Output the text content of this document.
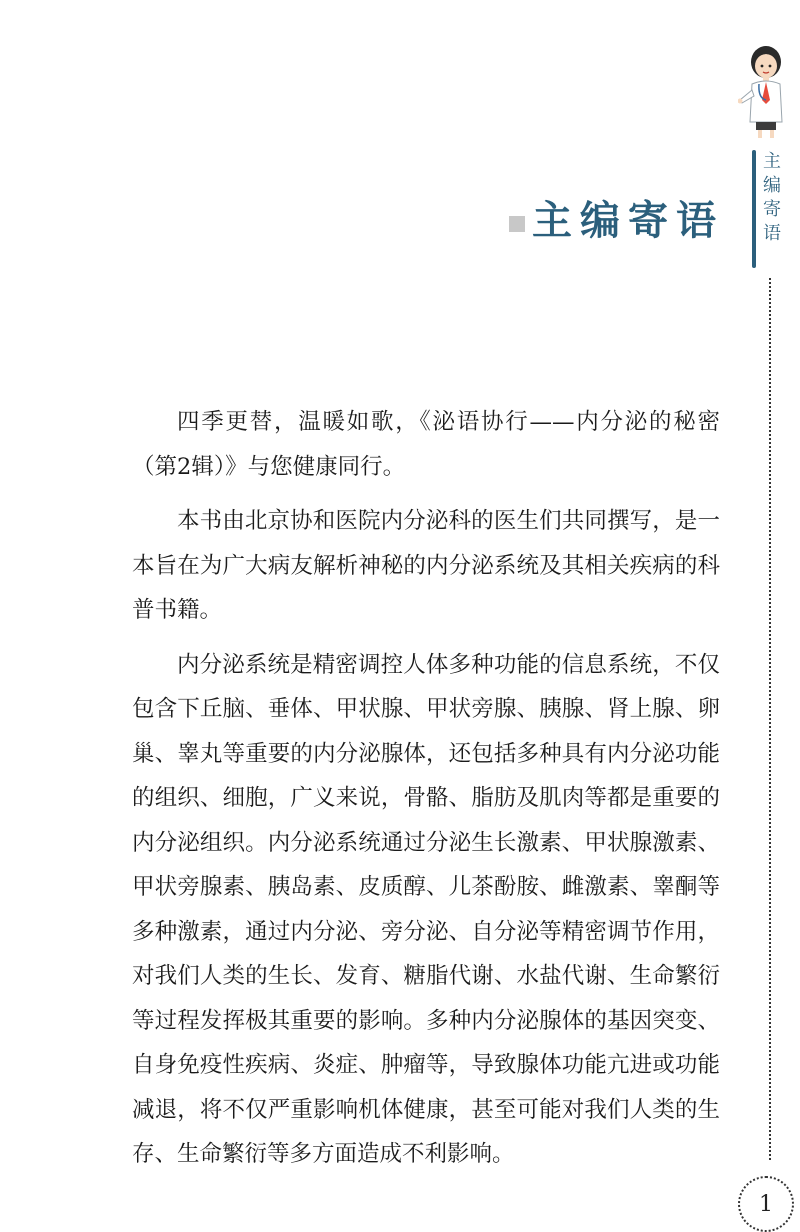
主
编
寄
语
1
主编寄语

四季更替，温暖如歌，《泌语协行——内分泌的秘密（第2辑）》与您健康同行。

本书由北京协和医院内分泌科的医生们共同撰写，是一本旨在为广大病友解析神秘的内分泌系统及其相关疾病的科普书籍。

内分泌系统是精密调控人体多种功能的信息系统，不仅包含下丘脑、垂体、甲状腺、甲状旁腺、胰腺、肾上腺、卵巢、睾丸等重要的内分泌腺体，还包括多种具有内分泌功能的组织、细胞，广义来说，骨骼、脂肪及肌肉等都是重要的内分泌组织。内分泌系统通过分泌生长激素、甲状腺激素、甲状旁腺素、胰岛素、皮质醇、儿茶酚胺、雌激素、睾酮等多种激素，通过内分泌、旁分泌、自分泌等精密调节作用，对我们人类的生长、发育、糖脂代谢、水盐代谢、生命繁衍等过程发挥极其重要的影响。多种内分泌腺体的基因突变、自身免疫性疾病、炎症、肿瘤等，导致腺体功能亢进或功能减退，将不仅严重影响机体健康，甚至可能对我们人类的生存、生命繁衍等多方面造成不利影响。
